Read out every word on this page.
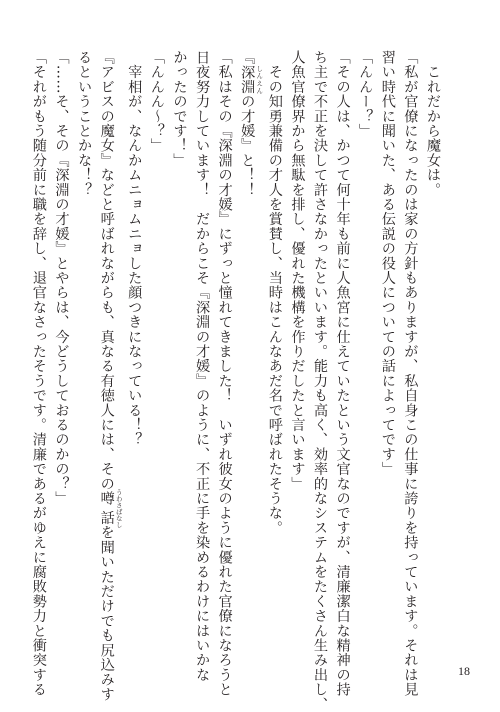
　これだから魔女は。
「私が官僚になったのは家の方針もありますが、私自身この仕事に誇りを持っています。それは見
習い時代に聞いた、ある伝説の役人についての話によってです」
「んんー？」
「その人は、かつて何十年も前に人魚宮に仕えていたという文官なのですが、清廉潔白な精神の持
ち主で不正を決して許さなかったといいます。能力も高く、効率的なシステムをたくさん生み出し、
人魚官僚界から無駄を排し、優れた機構を作りだしたと言います」
　その知勇兼備の才人を賞賛し、当時はこんなあだ名で呼ばれたそうな。
『深淵 しんえんの才媛』と！！
「私はその『深淵の才媛』にずっと憧れてきました！　いずれ彼女のように優れた官僚になろうと
日夜努力しています！　だからこそ『深淵の才媛』のように、不正に手を染めるわけにはいかな
かったのです！」
「んんん～？」
　宰相が、なんかムニョムニョした顔つきになっている！？
『アビスの魔女』などと呼ばれながらも、真なる有徳人には、その噂話 うわさばなしを聞いただけでも尻込みす
るということかな！？
「……そ、その『深淵の才媛』とやらは、今どうしておるのかの？」
「それがもう随分前に職を辞し、退官なさったそうです。清廉であるがゆえに腐敗勢力と衝突する	18
